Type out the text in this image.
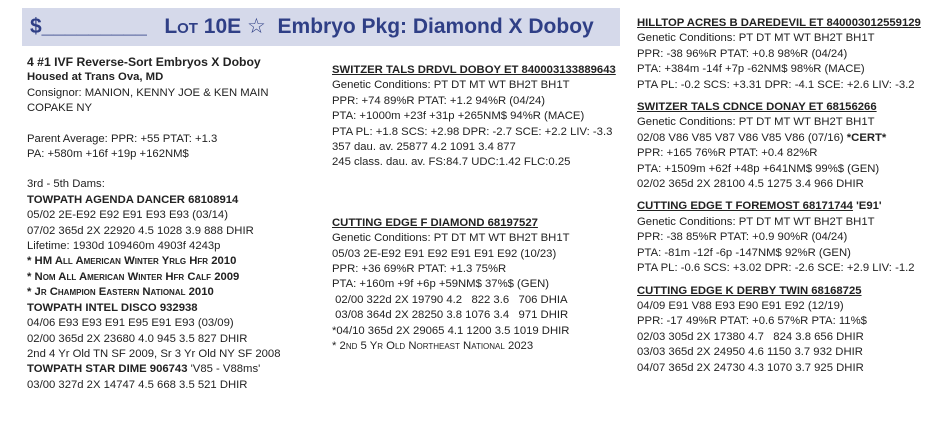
$_________ Lot 10E ☆ Embryo Pkg: Diamond X Doboy
4 #1 IVF Reverse-Sort Embryos X Doboy
Housed at Trans Ova, MD
Consignor: MANION, KENNY JOE & KEN MAIN
COPAKE NY
Parent Average: PPR: +55 PTAT: +1.3
PA: +580m +16f +19p +162NM$
3rd - 5th Dams:
TOWPATH AGENDA DANCER 68108914
05/02 2E-E92 E92 E91 E93 E93 (03/14)
07/02 365d 2X 22920 4.5 1028 3.9 888 DHIR
Lifetime: 1930d 109460m 4903f 4243p
* HM All American Winter Yrlg Hfr 2010
* Nom All American Winter Hfr Calf 2009
* Jr Champion Eastern National 2010
TOWPATH INTEL DISCO 932938
04/06 E93 E93 E91 E95 E91 E93 (03/09)
02/00 365d 2X 23680 4.0 945 3.5 827 DHIR
2nd 4 Yr Old TN SF 2009, Sr 3 Yr Old NY SF 2008
TOWPATH STAR DIME 906743 'V85 - V88ms'
03/00 327d 2X 14747 4.5 668 3.5 521 DHIR
SWITZER TALS DRDVL DOBOY ET 840003133889643
Genetic Conditions: PT DT MT WT BH2T BH1T
PPR: +74 89%R PTAT: +1.2 94%R (04/24)
PTA: +1000m +23f +31p +265NM$ 94%R (MACE)
PTA PL: +1.8 SCS: +2.98 DPR: -2.7 SCE: +2.2 LIV: -3.3
357 dau. av. 25877 4.2 1091 3.4 877
245 class. dau. av. FS:84.7 UDC:1.42 FLC:0.25
CUTTING EDGE F DIAMOND 68197527
Genetic Conditions: PT DT MT WT BH2T BH1T
05/03 2E-E92 E91 E92 E91 E91 E92 (10/23)
PPR: +36 69%R PTAT: +1.3 75%R
PTA: +160m +9f +6p +59NM$ 37%$ (GEN)
02/00 322d 2X 19790 4.2   822 3.6   706 DHIA
03/08 364d 2X 28250 3.8 1076 3.4   971 DHIR
*04/10 365d 2X 29065 4.1 1200 3.5 1019 DHIR
* 2nd 5 Yr Old Northeast National 2023
HILLTOP ACRES B DAREDEVIL ET 840003012559129
Genetic Conditions: PT DT MT WT BH2T BH1T
PPR: -38 96%R PTAT: +0.8 98%R (04/24)
PTA: +384m -14f +7p -62NM$ 98%R (MACE)
PTA PL: -0.2 SCS: +3.31 DPR: -4.1 SCE: +2.6 LIV: -3.2
SWITZER TALS CDNCE DONAY ET 68156266
Genetic Conditions: PT DT MT WT BH2T BH1T
02/08 V86 V85 V87 V86 V85 V86 (07/16) *CERT*
PPR: +165 76%R PTAT: +0.4 82%R
PTA: +1509m +62f +48p +641NM$ 99%$ (GEN)
02/02 365d 2X 28100 4.5 1275 3.4 966 DHIR
CUTTING EDGE T FOREMOST 68171744 'E91'
Genetic Conditions: PT DT MT WT BH2T BH1T
PPR: -38 85%R PTAT: +0.9 90%R (04/24)
PTA: -81m -12f -6p -147NM$ 92%R (GEN)
PTA PL: -0.6 SCS: +3.02 DPR: -2.6 SCE: +2.9 LIV: -1.2
CUTTING EDGE K DERBY TWIN 68168725
04/09 E91 V88 E93 E90 E91 E92 (12/19)
PPR: -17 49%R PTAT: +0.6 57%R PTA: 11%$
02/03 305d 2X 17380 4.7   824 3.8 656 DHIR
03/03 365d 2X 24950 4.6 1150 3.7 932 DHIR
04/07 365d 2X 24730 4.3 1070 3.7 925 DHIR
